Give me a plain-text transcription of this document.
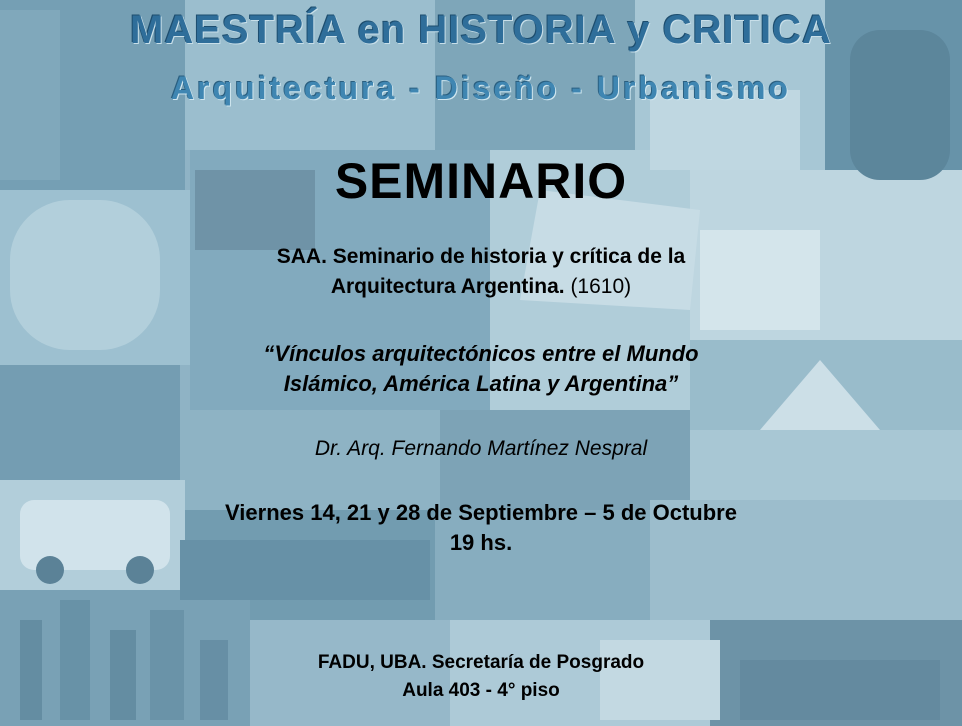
MAESTRÍA en HISTORIA y CRITICA
Arquitectura - Diseño - Urbanismo
SEMINARIO
SAA. Seminario de historia y crítica de la
Arquitectura Argentina. (1610)
“Vínculos arquitectónicos entre el Mundo
Islámico, América Latina y Argentina”
Dr. Arq. Fernando Martínez Nespral
Viernes 14, 21 y 28 de Septiembre – 5 de Octubre
19 hs.
FADU, UBA. Secretaría de Posgrado
Aula 403 - 4° piso
